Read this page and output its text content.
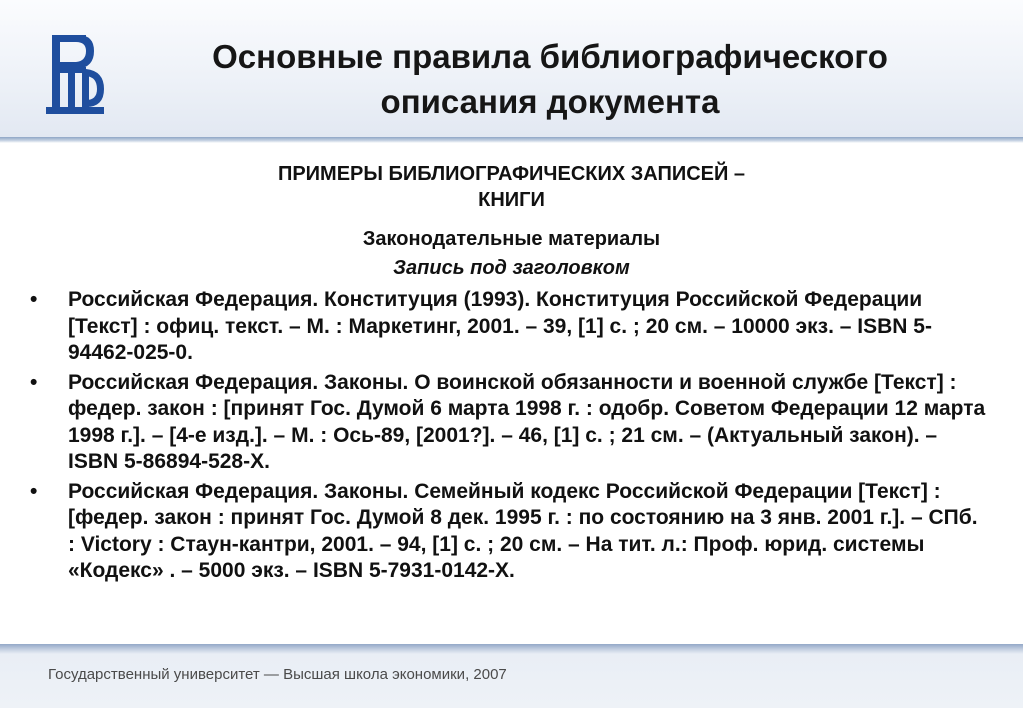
Основные правила библиографического
описания документа
ПРИМЕРЫ БИБЛИОГРАФИЧЕСКИХ ЗАПИСЕЙ –
КНИГИ
Законодательные материалы
Запись под заголовком
• Российская Федерация. Конституция (1993). Конституция Российской Федерации [Текст] : офиц. текст. – М. : Маркетинг, 2001. – 39, [1] с. ; 20 см. – 10000 экз. – ISBN 5-94462-025-0.
• Российская Федерация. Законы. О воинской обязанности и военной службе [Текст] : федер. закон : [принят Гос. Думой 6 марта 1998 г. : одобр. Советом Федерации 12 марта 1998 г.]. – [4-е изд.]. – М. : Ось-89, [2001?]. – 46, [1] с. ; 21 см. – (Актуальный закон). – ISBN 5-86894-528-X.
• Российская Федерация. Законы. Семейный кодекс Российской Федерации [Текст] : [федер. закон : принят Гос. Думой 8 дек. 1995 г. : по состоянию на 3 янв. 2001 г.]. – СПб. : Victory : Стаун-кантри, 2001. – 94, [1] с. ; 20 см. – На тит. л.: Проф. юрид. системы «Кодекс» . – 5000 экз. – ISBN 5-7931-0142-X.
Государственный университет — Высшая школа экономики, 2007
